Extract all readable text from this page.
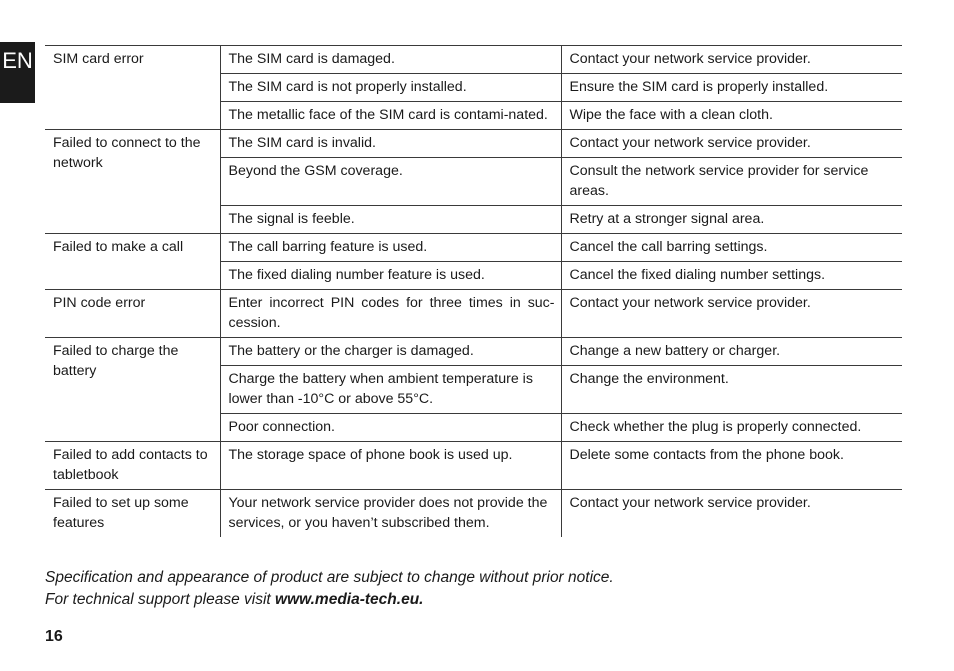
EN SIM card error	The SIM card is damaged.	Contact your network service provider.
	The SIM card is not properly installed.	Ensure the SIM card is properly installed.
	The metallic face of the SIM card is contami-nated.	Wipe the face with a clean cloth.
Failed to connect to the network	The SIM card is invalid.	Contact your network service provider.
	Beyond the GSM coverage.	Consult the network service provider for service areas.
	The signal is feeble.	Retry at a stronger signal area.
Failed to make a call	The call barring feature is used.	Cancel the call barring settings.
	The fixed dialing number feature is used.	Cancel the fixed dialing number settings.
PIN code error	Enter incorrect PIN codes for three times in suc-cession.	Contact your network service provider.
Failed to charge the battery	The battery or the charger is damaged.	Change a new battery or charger.
	Charge the battery when ambient temperature is lower than -10°C or above 55°C.	Change the environment.
	Poor connection.	Check whether the plug is properly connected.
Failed to add contacts to tabletbook	The storage space of phone book is used up.	Delete some contacts from the phone book.
Failed to set up some features	Your network service provider does not provide the services, or you haven’t subscribed them.	Contact your network service provider.
Specification and appearance of product are subject to change without prior notice.
For technical support please visit www.media-tech.eu.
16
